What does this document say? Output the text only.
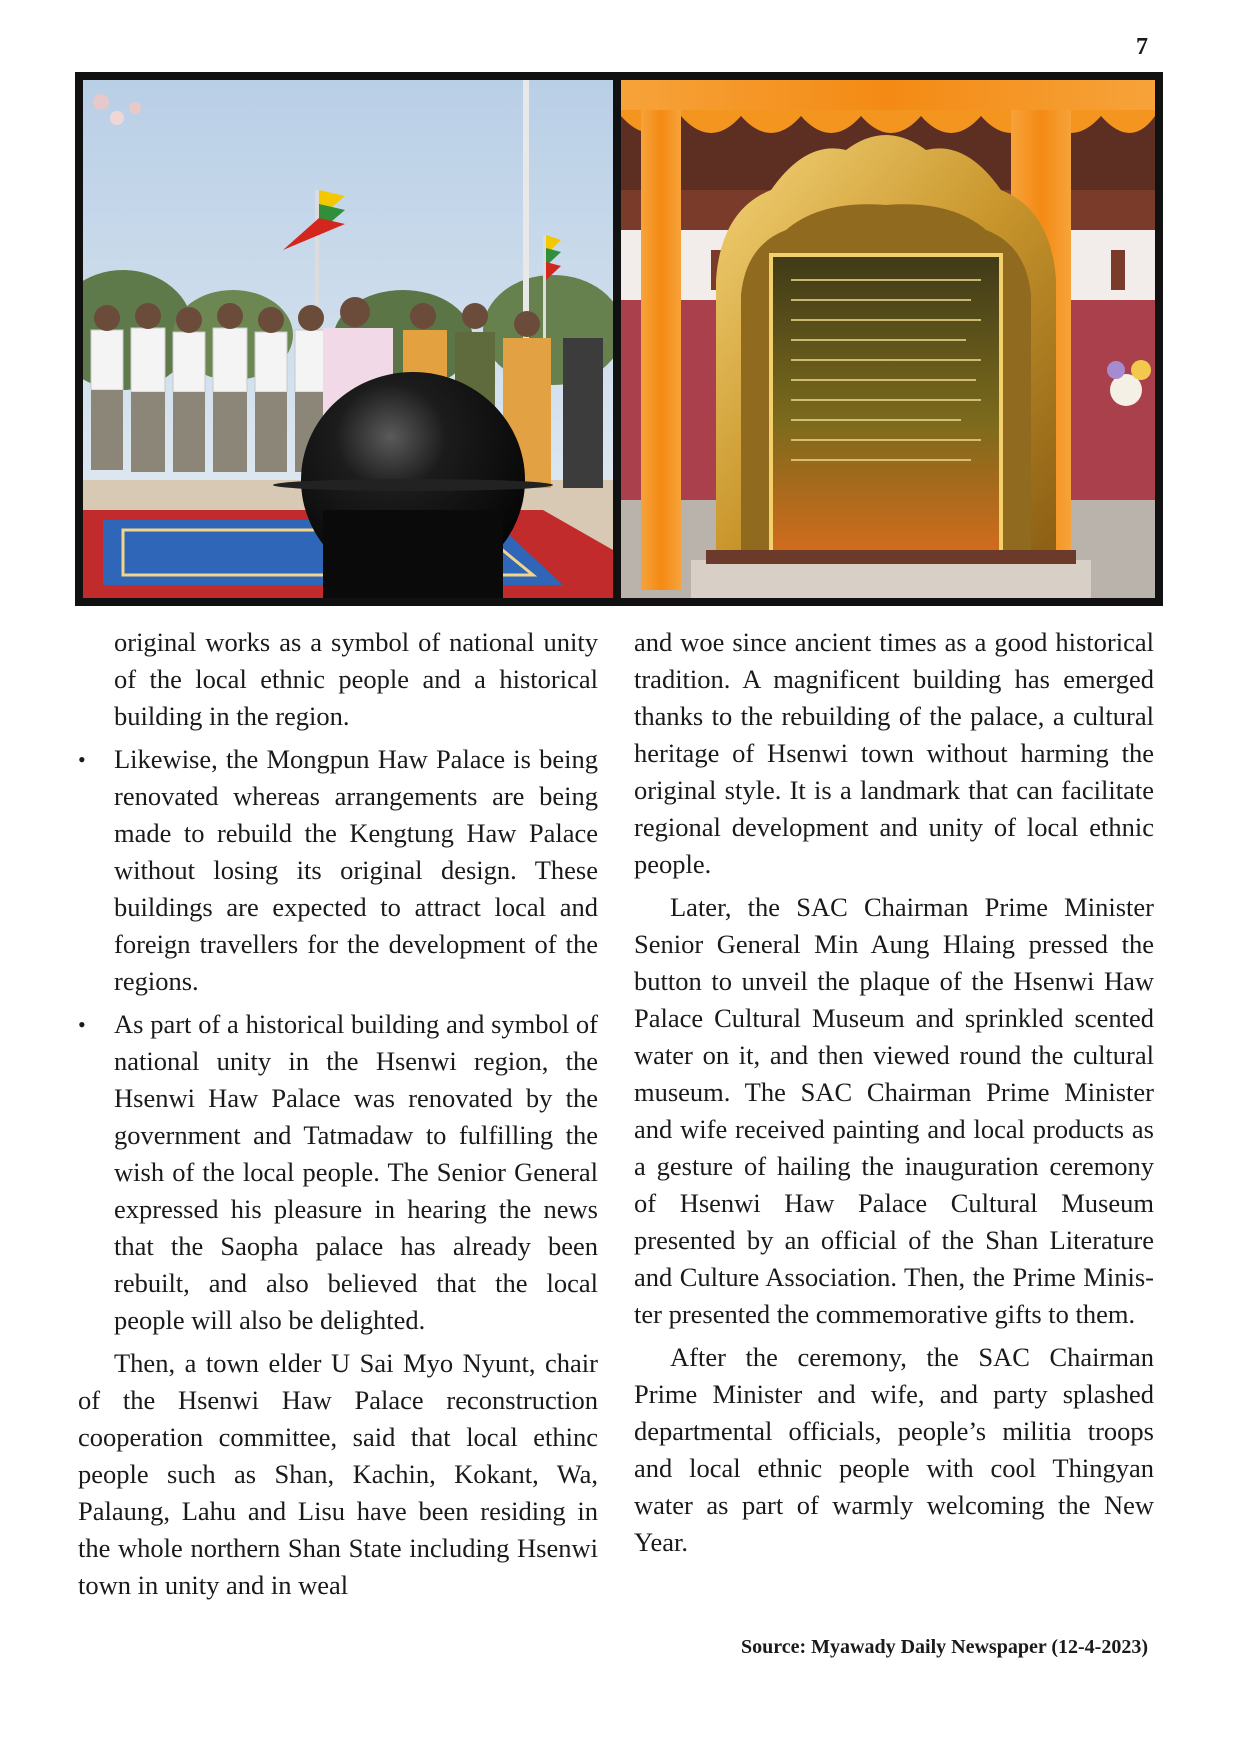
7

original works as a symbol of national unity of the local ethnic people and a historical building in the region.

• Likewise, the Mongpun Haw Palace is being renovated whereas arrangements are being made to rebuild the Kengtung Haw Palace without losing its original design. These buildings are expected to attract local and foreign travellers for the development of the regions.
• As part of a historical building and symbol of national unity in the Hsenwi region, the Hsenwi Haw Palace was renovated by the government and Tatmadaw to fulfilling the wish of the local people. The Senior General expressed his pleasure in hearing the news that the Saopha palace has already been rebuilt, and also believed that the local people will also be delighted.

Then, a town elder U Sai Myo Nyunt, chair of the Hsenwi Haw Palace reconstruction cooperation committee, said that local ethinc people such as Shan, Kachin, Kokant, Wa, Palaung, Lahu and Lisu have been residing in the whole northern Shan State including Hsenwi town in unity and in weal

and woe since ancient times as a good historical tradition. A magnificent building has emerged thanks to the rebuilding of the palace, a cultural heritage of Hsenwi town without harming the original style. It is a landmark that can facilitate regional development and unity of local ethnic people.

Later, the SAC Chairman Prime Minister Senior General Min Aung Hlaing pressed the button to unveil the plaque of the Hsenwi Haw Palace Cultural Museum and sprinkled scented water on it, and then viewed round the cultural museum. The SAC Chairman Prime Minister and wife received painting and local products as a gesture of hailing the inauguration ceremony of Hsenwi Haw Palace Cultural Museum presented by an official of the Shan Literature and Culture Association. Then, the Prime Minister presented the commemorative gifts to them.

After the ceremony, the SAC Chairman Prime Minister and wife, and party splashed departmental officials, people’s militia troops and local ethnic people with cool Thingyan water as part of warmly welcoming the New Year.

Source: Myawady Daily Newspaper (12-4-2023)
